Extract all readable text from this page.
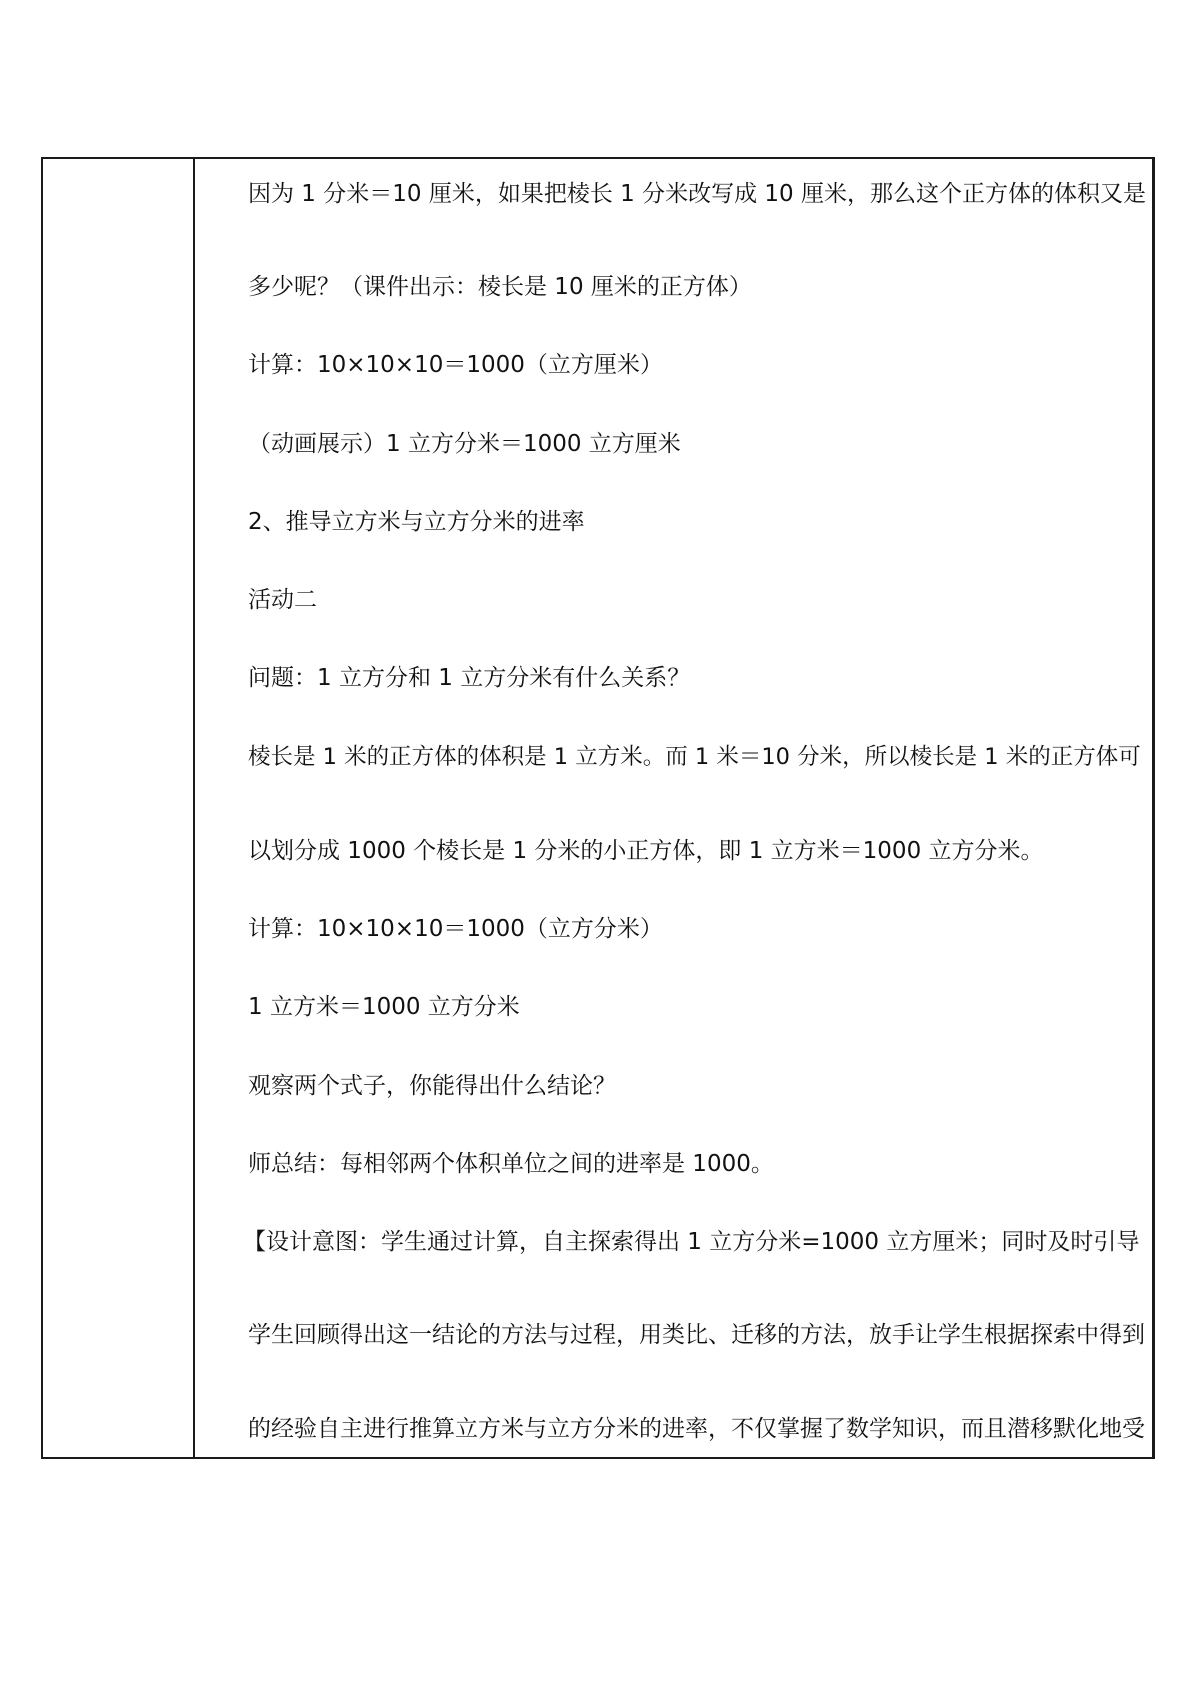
因为 1 分米＝10 厘米，如果把棱长 1 分米改写成 10 厘米，那么这个正方体的体积又是
多少呢？（课件出示：棱长是 10 厘米的正方体）
计算：10×10×10＝1000（立方厘米）
（动画展示）1 立方分米＝1000 立方厘米
2、推导立方米与立方分米的进率
活动二
问题：1 立方分和 1 立方分米有什么关系？
棱长是 1 米的正方体的体积是 1 立方米。而 1 米＝10 分米，所以棱长是 1 米的正方体可
以划分成 1000 个棱长是 1 分米的小正方体，即 1 立方米＝1000 立方分米。
计算：10×10×10＝1000（立方分米）
1 立方米＝1000 立方分米
观察两个式子，你能得出什么结论？
师总结：每相邻两个体积单位之间的进率是 1000。
【设计意图：学生通过计算，自主探索得出 1 立方分米=1000 立方厘米；同时及时引导
学生回顾得出这一结论的方法与过程，用类比、迁移的方法，放手让学生根据探索中得到
的经验自主进行推算立方米与立方分米的进率，不仅掌握了数学知识，而且潜移默化地受
